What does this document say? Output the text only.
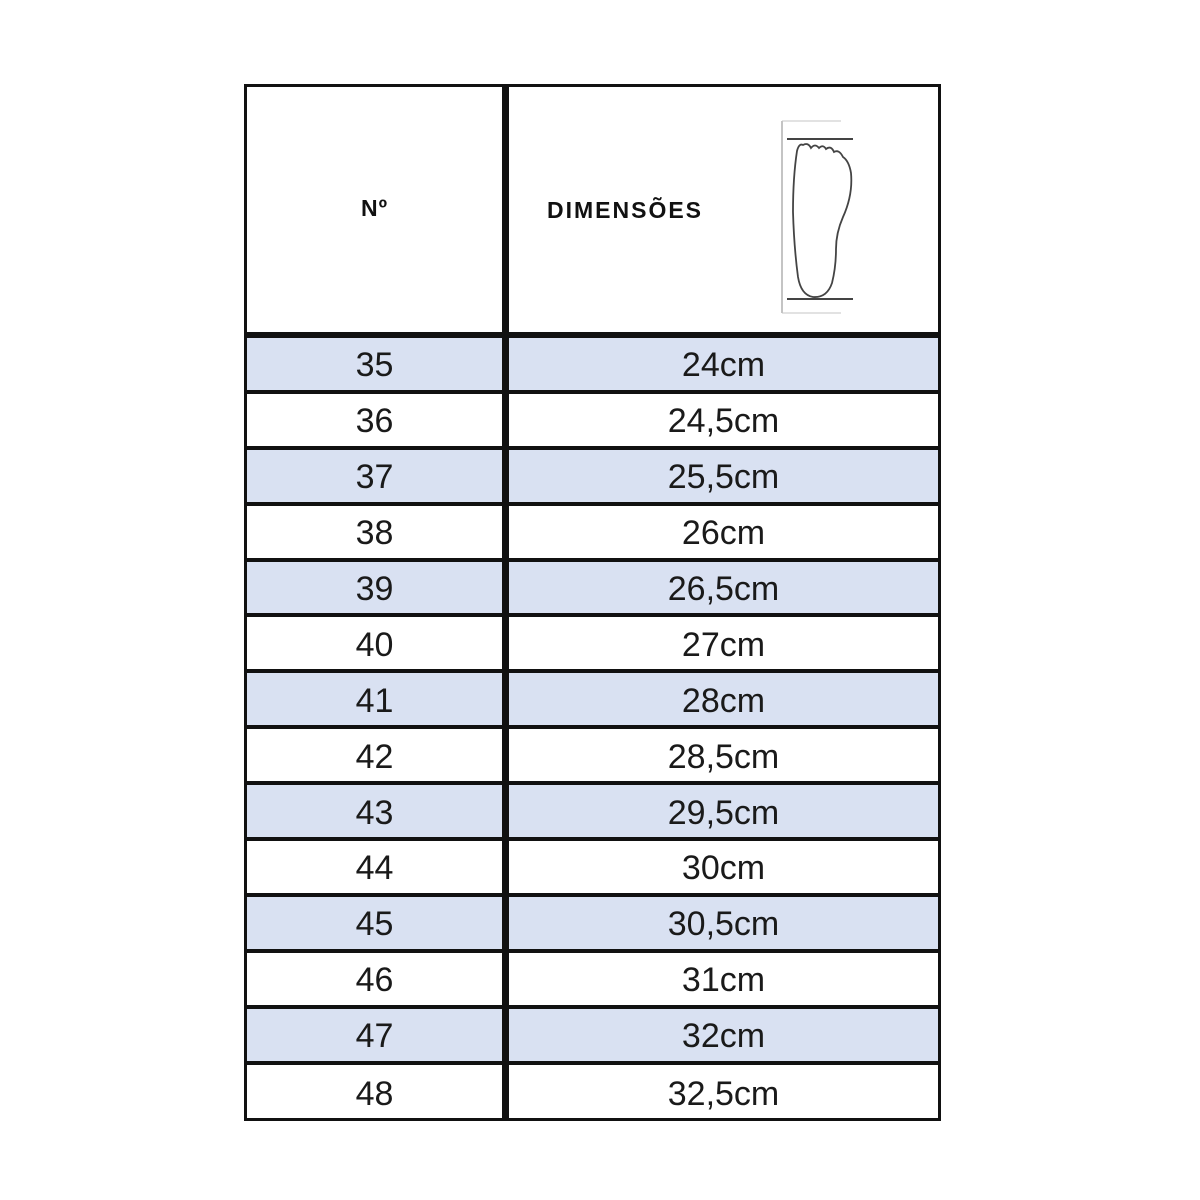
Nº	DIMENSÕES
35	24cm
36	24,5cm
37	25,5cm
38	26cm
39	26,5cm
40	27cm
41	28cm
42	28,5cm
43	29,5cm
44	30cm
45	30,5cm
46	31cm
47	32cm
48	32,5cm
